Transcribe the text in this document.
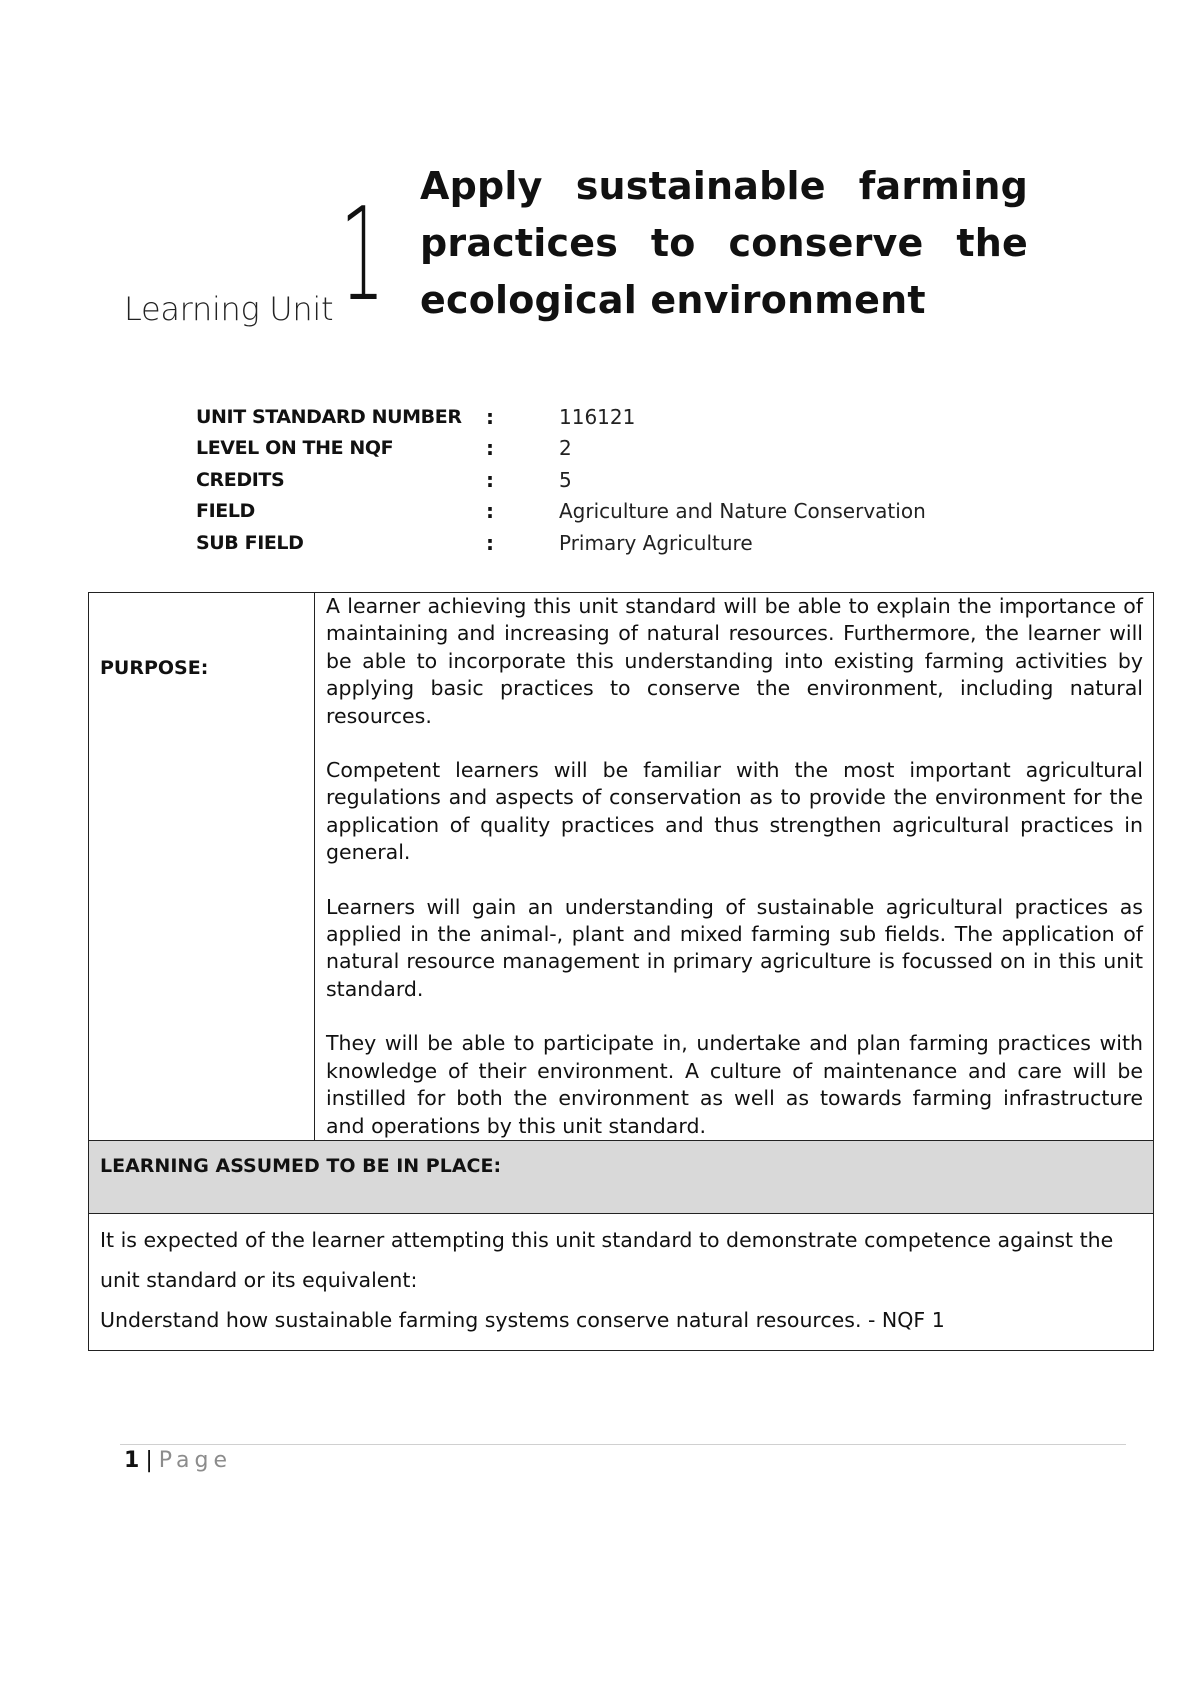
Learning Unit 1 Apply sustainable farming practices to conserve the ecological environment
UNIT STANDARD NUMBER	:	116121
LEVEL ON THE NQF	:	2
CREDITS	:	5
FIELD	:	Agriculture and Nature Conservation
SUB FIELD	:	Primary Agriculture
PURPOSE:

A learner achieving this unit standard will be able to explain the importance of maintaining and increasing of natural resources. Furthermore, the learner will be able to incorporate this understanding into existing farming activities by applying basic practices to conserve the environment, including natural resources.

Competent learners will be familiar with the most important agricultural regulations and aspects of conservation as to provide the environment for the application of quality practices and thus strengthen agricultural practices in general.

Learners will gain an understanding of sustainable agricultural practices as applied in the animal-, plant and mixed farming sub fields. The application of natural resource management in primary agriculture is focussed on in this unit standard.

They will be able to participate in, undertake and plan farming practices with knowledge of their environment. A culture of maintenance and care will be instilled for both the environment as well as towards farming infrastructure and operations by this unit standard.

LEARNING ASSUMED TO BE IN PLACE:
It is expected of the learner attempting this unit standard to demonstrate competence against the unit standard or its equivalent:
Understand how sustainable farming systems conserve natural resources. - NQF 1
1 | Page
